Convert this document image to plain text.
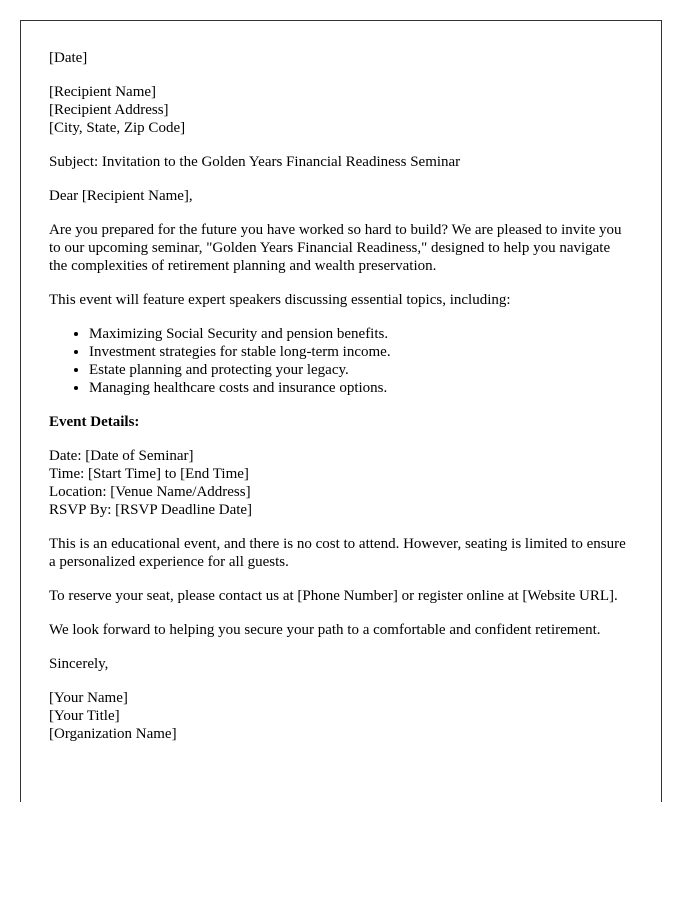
[Date]

[Recipient Name]
[Recipient Address]
[City, State, Zip Code]

Subject: Invitation to the Golden Years Financial Readiness Seminar

Dear [Recipient Name],

Are you prepared for the future you have worked so hard to build? We are pleased to invite you to our upcoming seminar, "Golden Years Financial Readiness," designed to help you navigate the complexities of retirement planning and wealth preservation.

This event will feature expert speakers discussing essential topics, including:

• Maximizing Social Security and pension benefits.
• Investment strategies for stable long-term income.
• Estate planning and protecting your legacy.
• Managing healthcare costs and insurance options.

Event Details:

Date: [Date of Seminar]
Time: [Start Time] to [End Time]
Location: [Venue Name/Address]
RSVP By: [RSVP Deadline Date]

This is an educational event, and there is no cost to attend. However, seating is limited to ensure a personalized experience for all guests.

To reserve your seat, please contact us at [Phone Number] or register online at [Website URL].

We look forward to helping you secure your path to a comfortable and confident retirement.

Sincerely,

[Your Name]
[Your Title]
[Organization Name]
